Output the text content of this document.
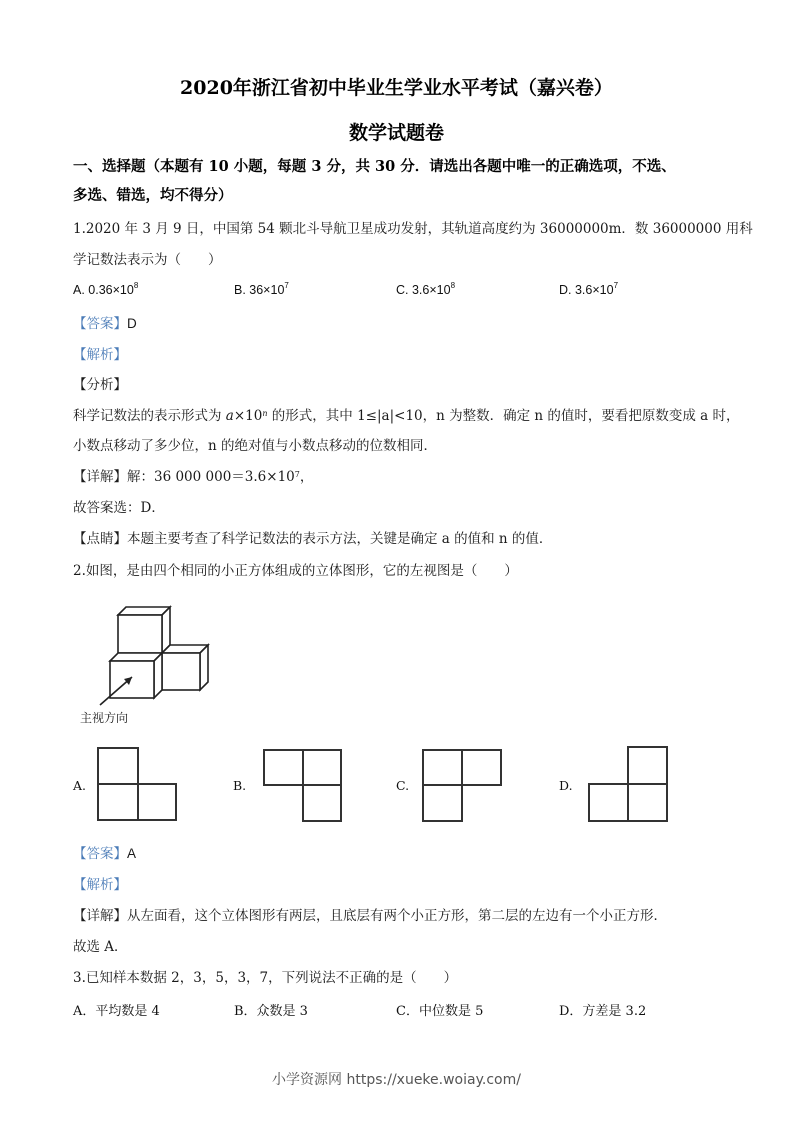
2020年浙江省初中毕业生学业水平考试（嘉兴卷）
数学试题卷
一、选择题（本题有 10 小题，每题 3 分，共 30 分．请选出各题中唯一的正确选项，不选、
多选、错选，均不得分）
1.2020 年 3 月 9 日，中国第 54 颗北斗导航卫星成功发射，其轨道高度约为 36000000m．数 36000000 用科
学记数法表示为（　　）
A. $0.36\times 10^8$	B. $36\times 10^7$	C. $3.6\times 10^8$	D. $3.6\times 10^7$
【答案】D
【解析】
【分析】
科学记数法的表示形式为 $a\times 10^n$ 的形式，其中 1≤|a|<10，n 为整数．确定 n 的值时，要看把原数变成 a 时，
小数点移动了多少位，n 的绝对值与小数点移动的位数相同．
【详解】解：36 000 $000=3.6\times 10^7$，
故答案选：D．
【点睛】本题主要考查了科学记数法的表示方法，关键是确定 a 的值和 n 的值．
2.如图，是由四个相同的小正方体组成的立体图形，它的左视图是（　　）
主视方向
A.	B.	C.	D.
【答案】A
【解析】
【详解】从左面看，这个立体图形有两层，且底层有两个小正方形，第二层的左边有一个小正方形．
故选 A．
3.已知样本数据 2，3，5，3，7，下列说法不正确的是（　　）
A．平均数是 4	B．众数是 3	C．中位数是 5	D．方差是 3.2
小学资源网 https://xueke.woiay.com/
